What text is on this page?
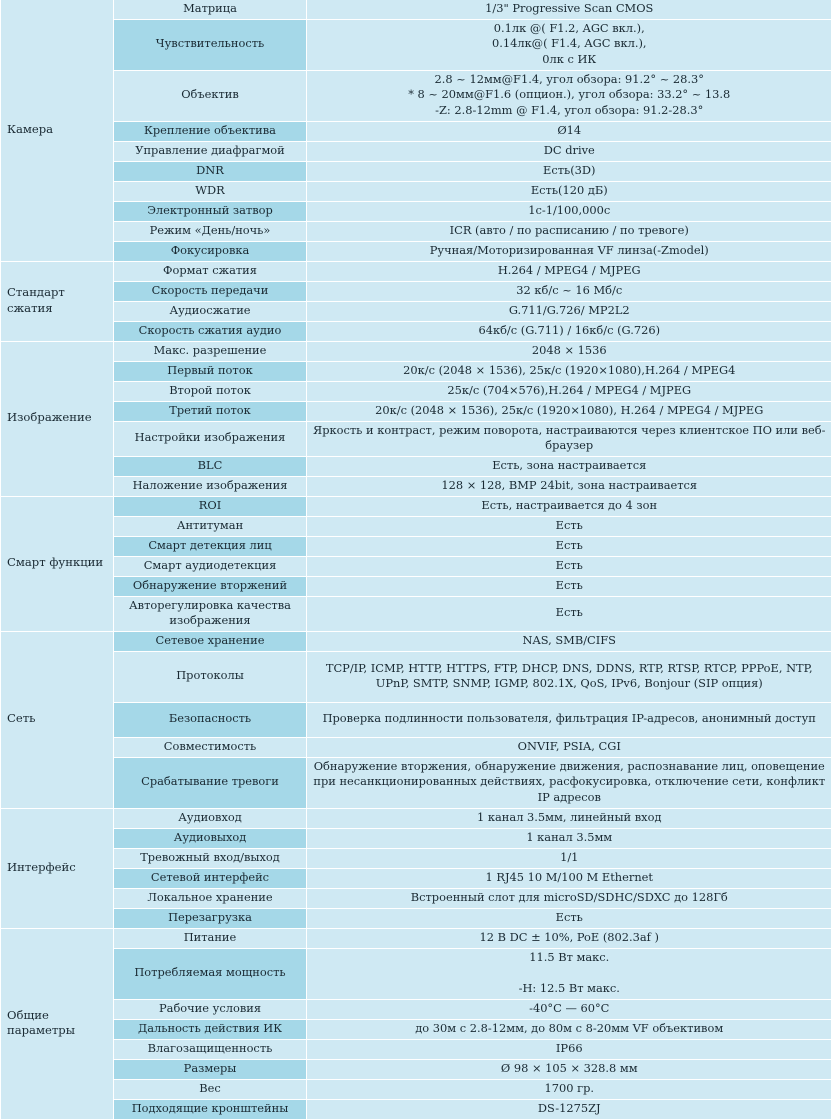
Камера	Матрица	1/3" Progressive Scan CMOS
	Чувствительность	0.1лк @( F1.2, AGC вкл.),
0.14лк@( F1.4, AGC вкл.),
0лк с ИК
	Объектив	2.8 ~ 12мм@F1.4, угол обзора: 91.2° ~ 28.3°
* 8 ~ 20мм@F1.6 (опцион.), угол обзора: 33.2° ~ 13.8
-Z: 2.8-12mm @ F1.4, угол обзора: 91.2-28.3°
	Крепление объектива	Ø14
	Управление диафрагмой	DC drive
	DNR	Есть(3D)
	WDR	Есть(120 дБ)
	Электронный затвор	1с-1/100,000с
	Режим «День/ночь»	ICR (авто / по расписанию / по тревоге)
	Фокусировка	Ручная/Моторизированная VF линза(-Zmodel)
Стандарт сжатия	Формат сжатия	H.264 / MPEG4 / MJPEG
	Скорость передачи	32 кб/с ~ 16 Мб/с
	Аудиосжатие	G.711/G.726/ MP2L2
	Скорость сжатия аудио	64кб/с (G.711) / 16кб/с (G.726)
Изображение	Макс. разрешение	2048 × 1536
	Первый поток	20к/с (2048 × 1536), 25к/с (1920×1080),H.264 / MPEG4
	Второй поток	25к/с (704×576),H.264 / MPEG4 / MJPEG
	Третий поток	20к/с (2048 × 1536), 25к/с (1920×1080), H.264 / MPEG4 / MJPEG
	Настройки изображения	Яркость и контраст, режим поворота, настраиваются через клиентское ПО или веб-браузер
	BLC	Есть, зона настраивается
	Наложение изображения	128 × 128, BMP 24bit, зона настраивается
Смарт функции	ROI	Есть, настраивается до 4 зон
	Антитуман	Есть
	Смарт детекция лиц	Есть
	Смарт аудиодетекция	Есть
	Обнаружение вторжений	Есть
	Авторегулировка качества изображения	Есть
Сеть	Сетевое хранение	NAS, SMB/CIFS
	Протоколы	TCP/IP, ICMP, HTTP, HTTPS, FTP, DHCP, DNS, DDNS, RTP, RTSP, RTCP, PPPoE, NTP, UPnP, SMTP, SNMP, IGMP, 802.1X, QoS, IPv6, Bonjour (SIP опция)
	Безопасность	Проверка подлинности пользователя, фильтрация IP-адресов, анонимный доступ
	Совместимость	ONVIF, PSIA, CGI
	Срабатывание тревоги	Обнаружение вторжения, обнаружение движения, распознавание лиц, оповещение при несанкционированных действиях, расфокусировка, отключение сети, конфликт IP адресов
Интерфейс	Аудиовход	1 канал 3.5мм, линейный вход
	Аудиовыход	1 канал 3.5мм
	Тревожный вход/выход	1/1
	Сетевой интерфейс	1 RJ45 10 M/100 M Ethernet
	Локальное хранение	Встроенный слот для microSD/SDHC/SDXC до 128Гб
	Перезагрузка	Есть
Общие параметры	Питание	12 В DC ± 10%, PoE (802.3af )
	Потребляемая мощность	11.5 Вт макс.

-H: 12.5 Вт макс.
	Рабочие условия	-40°C — 60°C
	Дальность действия ИК	до 30м с 2.8-12мм, до 80м с 8-20мм VF объективом
	Влагозащищенность	IP66
	Размеры	Ø 98 × 105 × 328.8 мм
	Вес	1700 гр.
	Подходящие кронштейны	DS-1275ZJ
